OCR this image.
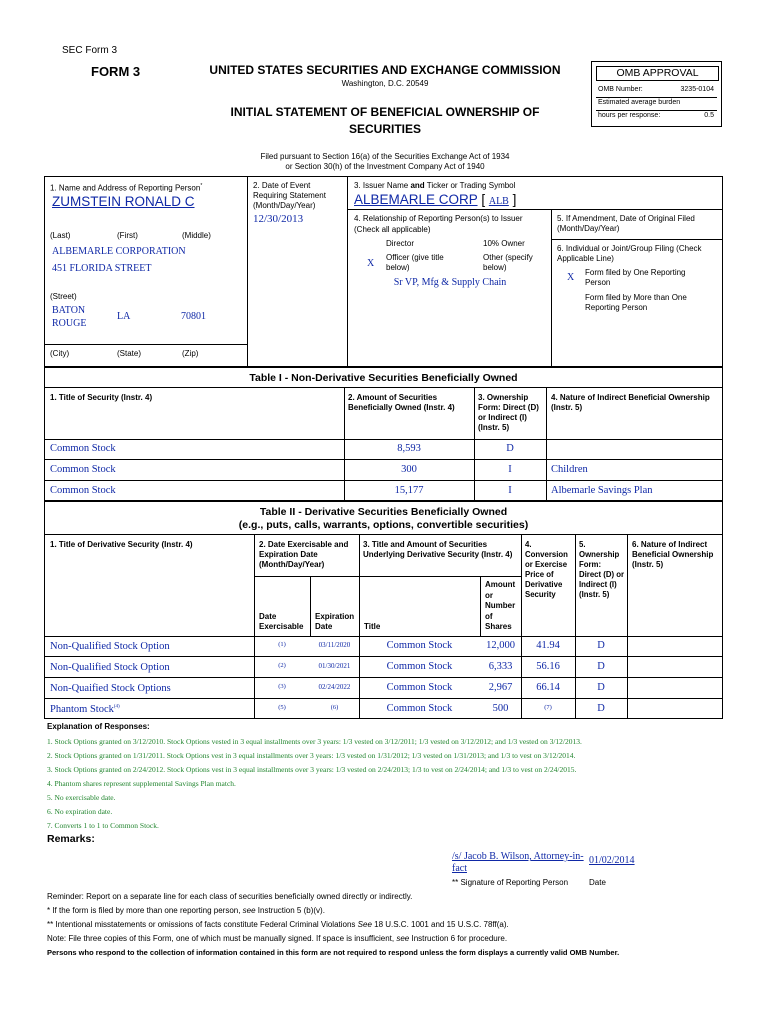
SEC Form 3
FORM 3	UNITED STATES SECURITIES AND EXCHANGE COMMISSION
Washington, D.C. 20549
INITIAL STATEMENT OF BENEFICIAL OWNERSHIP OF SECURITIES
OMB APPROVAL
OMB Number:	3235-0104
Estimated average burden
hours per response:	0.5
Filed pursuant to Section 16(a) of the Securities Exchange Act of 1934
or Section 30(h) of the Investment Company Act of 1940
1. Name and Address of Reporting Person*
ZUMSTEIN RONALD C
(Last)	(First)	(Middle)
ALBEMARLE CORPORATION
451 FLORIDA STREET
(Street)
BATON ROUGE
LA	70801
(City)	(State)	(Zip)
2. Date of Event Requiring Statement (Month/Day/Year)
12/30/2013
3. Issuer Name and Ticker or Trading Symbol
ALBEMARLE CORP [ ALB ]
4. Relationship of Reporting Person(s) to Issuer
(Check all applicable)
Director	10% Owner
X
Officer (give title below)
Other (specify below)
Sr VP, Mfg & Supply Chain
5. If Amendment, Date of Original Filed (Month/Day/Year)
6. Individual or Joint/Group Filing (Check Applicable Line)
X Form filed by One Reporting Person
Form filed by More than One Reporting Person
Table I - Non-Derivative Securities Beneficially Owned
1. Title of Security (Instr. 4)	2. Amount of Securities Beneficially Owned (Instr. 4)
3. Ownership Form: Direct (D) or Indirect (I) (Instr. 5)
4. Nature of Indirect Beneficial Ownership (Instr. 5)
Common Stock	8,593	D
Common Stock	300	I	Children
Common Stock	15,177	I	Albemarle Savings Plan
Table II - Derivative Securities Beneficially Owned
(e.g., puts, calls, warrants, options, convertible securities)
1. Title of Derivative Security (Instr. 4)	2. Date Exercisable and Expiration Date (Month/Day/Year)
3. Title and Amount of Securities Underlying Derivative Security (Instr. 4)
4. Conversion or Exercise Price of Derivative Security
5. Ownership Form: Direct (D) or Indirect (I) (Instr. 5)
6. Nature of Indirect Beneficial Ownership (Instr. 5)
Date Exercisable
Expiration Date	Title
Amount or Number of Shares
Non-Qualified Stock Option	(1)	03/11/2020	Common Stock	12,000	41.94	D
Non-Qualified Stock Option	(2)	01/30/2021	Common Stock	6,333	56.16	D
Non-Quaified Stock Options	(3)	02/24/2022	Common Stock	2,967	66.14	D
Phantom Stock$^{(4)}$	(5)	(6)	Common Stock	500	(7)	D
Explanation of Responses:
1. Stock Options granted on 3/12/2010. Stock Options vested in 3 equal installments over 3 years: 1/3 vested on 3/12/2011; 1/3 vested on 3/12/2012; and 1/3 vested on 3/12/2013.
2. Stock Options granted on 1/31/2011. Stock Options vest in 3 equal installments over 3 years: 1/3 vested on 1/31/2012; 1/3 vested on 1/31/2013; and 1/3 to vest on 3/12/2014.
3. Stock Options granted on 2/24/2012. Stock Options vest in 3 equal installments over 3 years: 1/3 vested on 2/24/2013; 1/3 to vest on 2/24/2014; and 1/3 to vest on 2/24/2015.
4. Phantom shares represent supplemental Savings Plan match.
5. No exercisable date.
6. No expiration date.
7. Converts 1 to 1 to Common Stock.
Remarks:
/s/ Jacob B. Wilson, Attorney-in-fact
01/02/2014
** Signature of Reporting Person	Date
Reminder: Report on a separate line for each class of securities beneficially owned directly or indirectly.
* If the form is filed by more than one reporting person, see Instruction 5 (b)(v).
** Intentional misstatements or omissions of facts constitute Federal Criminal Violations See 18 U.S.C. 1001 and 15 U.S.C. 78ff(a).
Note: File three copies of this Form, one of which must be manually signed. If space is insufficient, see Instruction 6 for procedure.
Persons who respond to the collection of information contained in this form are not required to respond unless the form displays a currently valid OMB Number.
